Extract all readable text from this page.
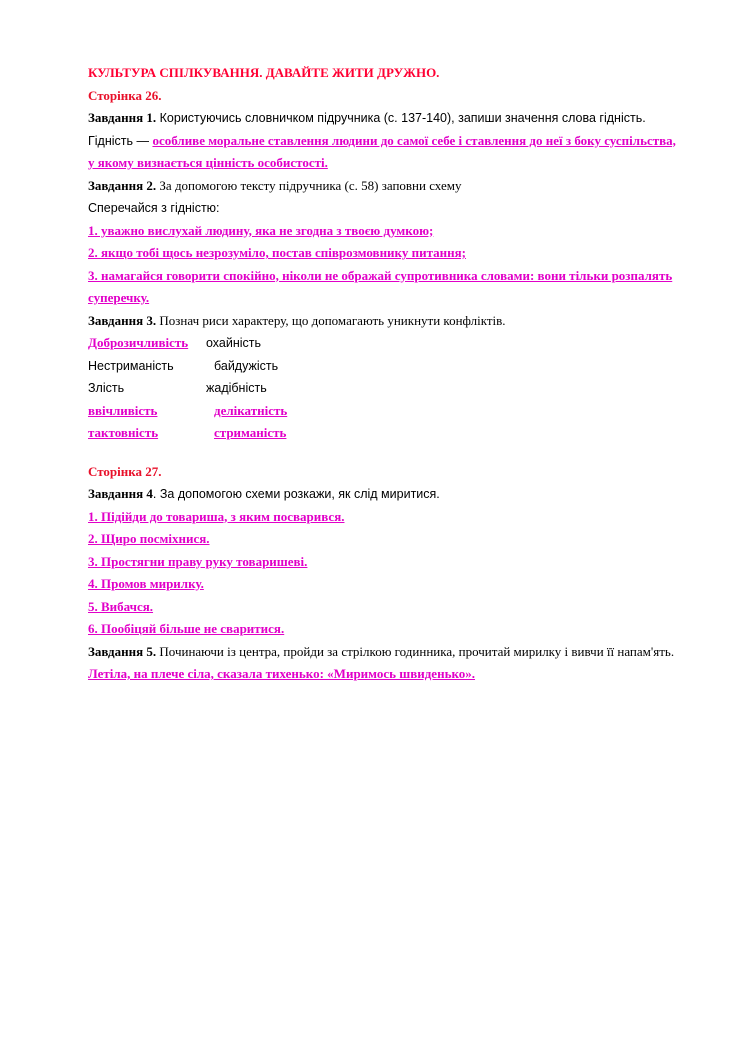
КУЛЬТУРА СПІЛКУВАННЯ. ДАВАЙТЕ ЖИТИ ДРУЖНО.
Сторінка 26.
Завдання 1. Користуючись словничком підручника (с. 137-140), запиши значення слова гідність.
Гідність — особливе моральне ставлення людини до самої себе і ставлення до неї з боку суспільства,
у якому визнається цінність особистості.
Завдання 2. За допомогою тексту підручника (с. 58) заповни схему
Сперечайся з гідністю:
1. уважно вислухай людину, яка не згодна з твоєю думкою;
2. якщо тобі щось незрозуміло, постав співрозмовнику питання;
3. намагайся говорити спокійно, ніколи не ображай супротивника словами: вони тільки розпалять
суперечку.
Завдання 3. Познач риси характеру, що допомагають уникнути конфліктів.
Доброзичливість	охайність
Нестриманість	байдужість
Злість	жадібність
ввічливість	делікатність
тактовність	стриманість
Сторінка 27.
Завдання 4. За допомогою схеми розкажи, як слід миритися.
1. Підійди до товариша, з яким посварився.
2. Щиро посміхнися.
3. Простягни праву руку товаришеві.
4. Промов мирилку.
5. Вибачся.
6. Пообіцяй більше не сваритися.
Завдання 5. Починаючи із центра, пройди за стрілкою годинника, прочитай мирилку і вивчи її напам'ять.
Летіла, на плече сіла, сказала тихенько: «Миримось швиденько».
